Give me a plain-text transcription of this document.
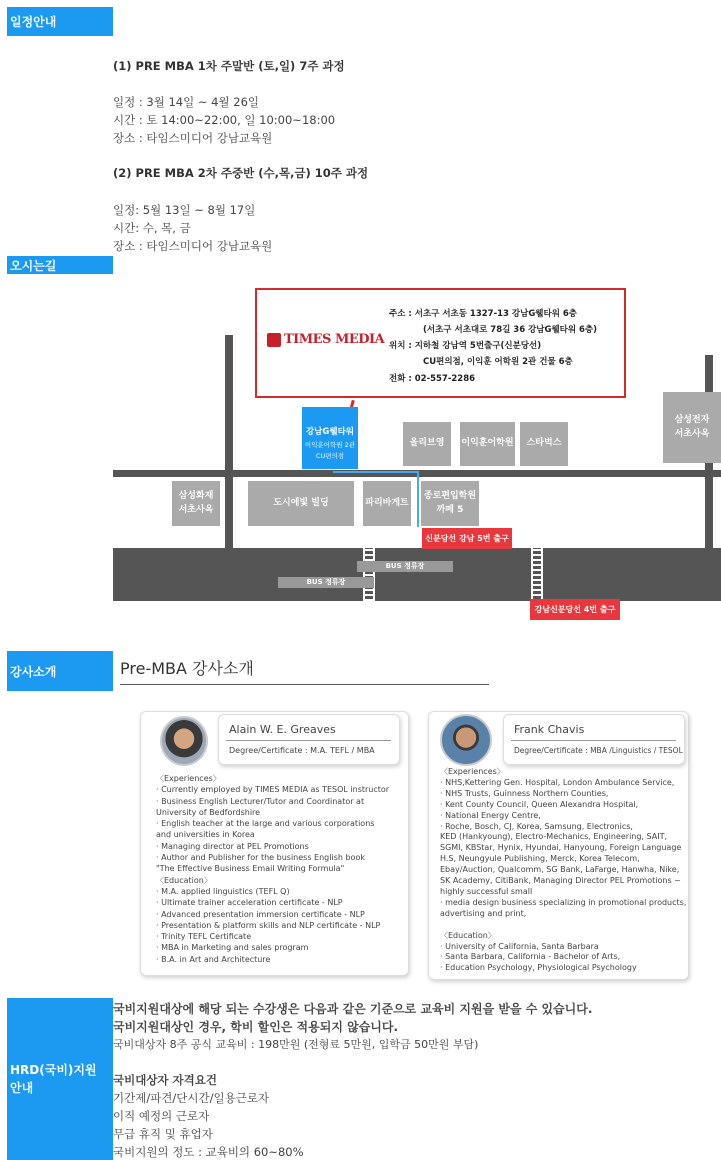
일정안내
(1) PRE MBA 1차 주말반 (토,일) 7주 과정
일정 : 3월 14일 ~ 4월 26일
시간 : 토 14:00~22:00, 일 10:00~18:00
장소 : 타임스미디어 강남교육원
(2) PRE MBA 2차 주중반 (수,목,금) 10주 과정
일정: 5월 13일 ~ 8월 17일
시간: 수, 목, 금
장소 : 타임스미디어 강남교육원
오시는길
BUS 정류장
BUS 정류장
TIMES MEDIA
주소 : 서초구 서초동 1327-13 강남G웰타워 6층
(서초구 서초대로 78길 36 강남G웰타워 6층)
위치 : 지하철 강남역 5번출구(신분당선)
CU편의점, 이익훈 어학원 2관 건물 6층
전화 : 02-557-2286
강남G웰타워
이익훈어학원 2관
CU편의점
올리브영	이익훈어학원	스타벅스
삼성전자
서초사옥
삼성화재
서초사옥
도시에빛 빌딩	파리바게트
종로편입학원
까페 5
신분당선 강남 5번 출구
강남신분당선 4번 출구
강사소개	Pre-MBA 강사소개
Alain W. E. Greaves
Degree/Certificate : M.A. TEFL / MBA
〈Experiences〉
· Currently employed by TIMES MEDIA as TESOL instructor
· Business English Lecturer/Tutor and Coordinator at
University of Bedfordshire
· English teacher at the large and various corporations
and universities in Korea
· Managing director at PEL Promotions
· Author and Publisher for the business English book
"The Effective Business Email Writing Formula"
〈Education〉
· M.A. applied linguistics (TEFL Q)
· Ultimate trainer acceleration certificate - NLP
· Advanced presentation immersion certificate - NLP
· Presentation & platform skills and NLP certificate - NLP
· Trinity TEFL Certificate
· MBA in Marketing and sales program
· B.A. in Art and Architecture
Frank Chavis
Degree/Certificate : MBA /Linguistics / TESOL
〈Experiences〉
· NHS,Kettering Gen. Hospital, London Ambulance Service,
· NHS Trusts, Guinness Northern Counties,
· Kent County Council, Queen Alexandra Hospital,
· National Energy Centre,
· Roche, Bosch, CJ, Korea, Samsung, Electronics,
KED (Hankyoung), Electro-Mechanics, Engineering, SAIT,
SGMI, KBStar, Hynix, Hyundai, Hanyoung, Foreign Language
H.S, Neungyule Publishing, Merck, Korea Telecom,
Ebay/Auction, Qualcomm, SG Bank, LaFarge, Hanwha, Nike,
SK Academy, CitiBank, Managing Director PEL Promotions ~
highly successful small
· media design business specializing in promotional products,
advertising and print,

〈Education〉
· University of California, Santa Barbara
· Santa Barbara, California - Bachelor of Arts,
· Education Psychology, Physiological Psychology
HRD(국비)지원 안내
국비지원대상에 해당 되는 수강생은 다음과 같은 기준으로 교육비 지원을 받을 수 있습니다.
국비지원대상인 경우, 학비 할인은 적용되지 않습니다.
국비대상자 8주 공식 교육비 : 198만원 (전형료 5만원, 입학금 50만원 부담)
국비대상자 자격요건
기간제/파견/단시간/일용근로자
이직 예정의 근로자
무급 휴직 및 휴업자
국비지원의 정도 : 교육비의 60~80%
